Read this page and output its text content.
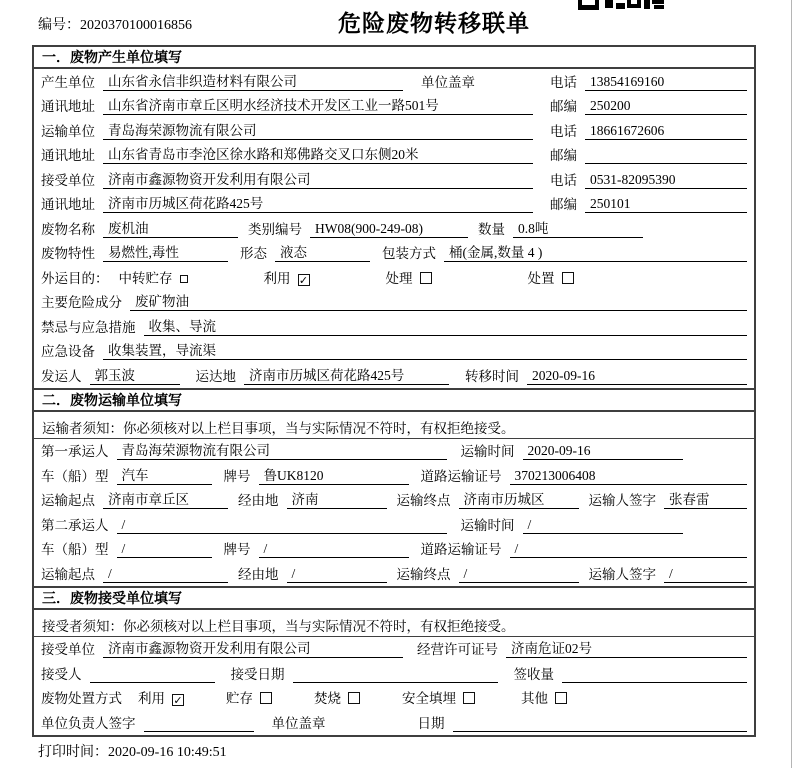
编号：2020370100016856	危险废物转移联单
一．废物产生单位填写
产生单位 山东省永信非织造材料有限公司	单位盖章	电话 13854169160
通讯地址 山东省济南市章丘区明水经济技术开发区工业一路501号	邮编 250200
运输单位 青岛海荣源物流有限公司	电话 18661672606
通讯地址 山东省青岛市李沧区徐水路和郑佛路交叉口东侧20米	邮编
接受单位 济南市鑫源物资开发利用有限公司	电话 0531-82095390
通讯地址 济南市历城区荷花路425号	邮编 250101
废物名称 废机油	类别编号 HW08(900-249-08)	数量 0.8吨
废物特性 易燃性,毒性	形态 液态	包装方式 桶(金属,数量 4 )
外运目的： 中转贮存	利用 ✓	处理	处置
主要危险成分 废矿物油
禁忌与应急措施 收集、导流
应急设备 收集装置，导流渠
发运人 郭玉波	运达地 济南市历城区荷花路425号	转移时间 2020-09-16
二．废物运输单位填写
运输者须知：你必须核对以上栏目事项，当与实际情况不符时，有权拒绝接受。
第一承运人 青岛海荣源物流有限公司	运输时间 2020-09-16
车（船）型 汽车	牌号 鲁UK8120	道路运输证号 370213006408
运输起点 济南市章丘区	经由地 济南	运输终点 济南市历城区	运输人签字 张春雷
第二承运人 /	运输时间 /
车（船）型 /	牌号 /	道路运输证号 /
运输起点 /	经由地 /	运输终点 /	运输人签字 /
三．废物接受单位填写
接受者须知：你必须核对以上栏目事项，当与实际情况不符时，有权拒绝接受。
接受单位 济南市鑫源物资开发利用有限公司	经营许可证号 济南危证02号
接受人	接受日期	签收量
废物处置方式 利用 ✓	贮存	焚烧	安全填埋	其他
单位负责人签字	单位盖章	日期
打印时间：2020-09-16 10:49:51
